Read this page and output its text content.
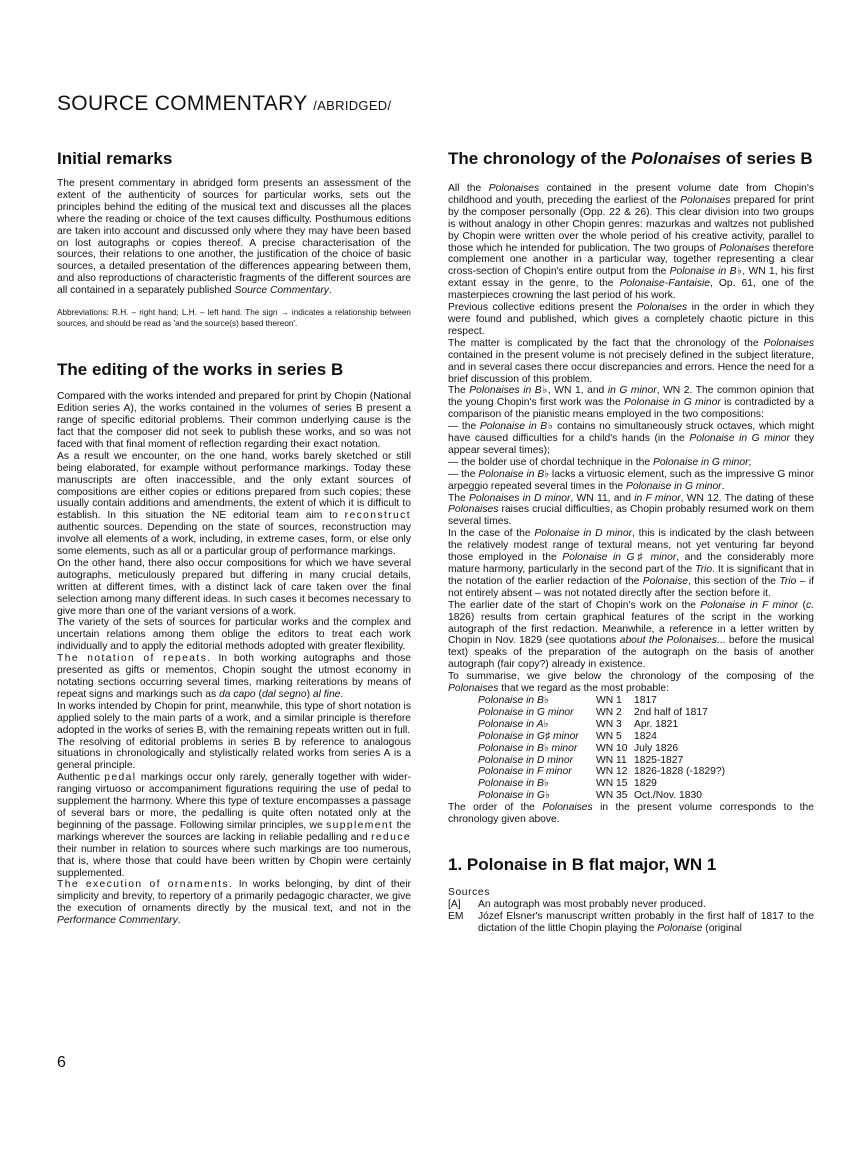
SOURCE COMMENTARY /ABRIDGED/
Initial remarks

The present commentary in abridged form presents an assessment of the extent of the authenticity of sources for particular works, sets out the principles behind the editing of the musical text and discusses all the places where the reading or choice of the text causes difficulty. Posthumous editions are taken into account and discussed only where they may have been based on lost autographs or copies thereof. A precise characterisation of the sources, their relations to one another, the justification of the choice of basic sources, a detailed presentation of the differences appearing between them, and also reproductions of characteristic fragments of the different sources are all contained in a separately published Source Commentary.

Abbreviations: R.H. – right hand; L.H. – left hand. The sign → indicates a relationship between sources, and should be read as 'and the source(s) based thereon'.

The editing of the works in series B

Compared with the works intended and prepared for print by Chopin (National Edition series A), the works contained in the volumes of series B present a range of specific editorial problems. Their common underlying cause is the fact that the composer did not seek to publish these works, and so was not faced with that final moment of reflection regarding their exact notation.

As a result we encounter, on the one hand, works barely sketched or still being elaborated, for example without performance markings. Today these manuscripts are often inaccessible, and the only extant sources of compositions are either copies or editions prepared from such copies; these usually contain additions and amendments, the extent of which it is difficult to establish. In this situation the NE editorial team aim to reconstruct authentic sources. Depending on the state of sources, reconstruction may involve all elements of a work, including, in extreme cases, form, or else only some elements, such as all or a particular group of performance markings.

On the other hand, there also occur compositions for which we have several autographs, meticulously prepared but differing in many crucial details, written at different times, with a distinct lack of care taken over the final selection among many different ideas. In such cases it becomes necessary to give more than one of the variant versions of a work.

The variety of the sets of sources for particular works and the complex and uncertain relations among them oblige the editors to treat each work individually and to apply the editorial methods adopted with greater flexibility.

The notation of repeats. In both working autographs and those presented as gifts or mementos, Chopin sought the utmost economy in notating sections occurring several times, marking reiterations by means of repeat signs and markings such as da capo (dal segno) al fine.
In works intended by Chopin for print, meanwhile, this type of short notation is applied solely to the main parts of a work, and a similar principle is therefore adopted in the works of series B, with the remaining repeats written out in full.

The resolving of editorial problems in series B by reference to analogous situations in chronologically and stylistically related works from series A is a general principle.

Authentic pedal markings occur only rarely, generally together with wider-ranging virtuoso or accompaniment figurations requiring the use of pedal to supplement the harmony. Where this type of texture encompasses a passage of several bars or more, the pedalling is quite often notated only at the beginning of the passage. Following similar principles, we supplement the markings wherever the sources are lacking in reliable pedalling and reduce their number in relation to sources where such markings are too numerous, that is, where those that could have been written by Chopin were certainly supplemented.

The execution of ornaments. In works belonging, by dint of their simplicity and brevity, to repertory of a primarily pedagogic character, we give the execution of ornaments directly by the musical text, and not in the Performance Commentary.

The chronology of the Polonaises of series B

All the Polonaises contained in the present volume date from Chopin's childhood and youth, preceding the earliest of the Polonaises prepared for print by the composer personally (Opp. 22 & 26). This clear division into two groups is without analogy in other Chopin genres: mazurkas and waltzes not published by Chopin were written over the whole period of his creative activity, parallel to those which he intended for publication. The two groups of Polonaises therefore complement one another in a particular way, together representing a clear cross-section of Chopin's entire output from the Polonaise in B♭, WN 1, his first extant essay in the genre, to the Polonaise-Fantaisie, Op. 61, one of the masterpieces crowning the last period of his work.

Previous collective editions present the Polonaises in the order in which they were found and published, which gives a completely chaotic picture in this respect.

The matter is complicated by the fact that the chronology of the Polonaises contained in the present volume is not precisely defined in the subject literature, and in several cases there occur discrepancies and errors. Hence the need for a brief discussion of this problem.

The Polonaises in B♭, WN 1, and in G minor, WN 2. The common opinion that the young Chopin's first work was the Polonaise in G minor is contradicted by a comparison of the pianistic means employed in the two compositions:

— the Polonaise in B♭ contains no simultaneously struck octaves, which might have caused difficulties for a child's hands (in the Polonaise in G minor they appear several times);

— the bolder use of chordal technique in the Polonaise in G minor;

— the Polonaise in B♭ lacks a virtuosic element, such as the impressive G minor arpeggio repeated several times in the Polonaise in G minor.

The Polonaises in D minor, WN 11, and in F minor, WN 12. The dating of these Polonaises raises crucial difficulties, as Chopin probably resumed work on them several times.

In the case of the Polonaise in D minor, this is indicated by the clash between the relatively modest range of textural means, not yet venturing far beyond those employed in the Polonaise in G♯ minor, and the considerably more mature harmony, particularly in the second part of the Trio. It is significant that in the notation of the earlier redaction of the Polonaise, this section of the Trio – if not entirely absent – was not notated directly after the section before it.

The earlier date of the start of Chopin's work on the Polonaise in F minor (c. 1826) results from certain graphical features of the script in the working autograph of the first redaction. Meanwhile, a reference in a letter written by Chopin in Nov. 1829 (see quotations about the Polonaises... before the musical text) speaks of the preparation of the autograph on the basis of another autograph (fair copy?) already in existence.

To summarise, we give below the chronology of the composing of the Polonaises that we regard as the most probable:

Polonaise in B♭	WN 1	1817
Polonaise in G minor	WN 2	2nd half of 1817
Polonaise in A♭	WN 3	Apr. 1821
Polonaise in G♯ minor	WN 5	1824
Polonaise in B♭ minor	WN 10	July 1826
Polonaise in D minor	WN 11	1825-1827
Polonaise in F minor	WN 12	1826-1828 (-1829?)
Polonaise in B♭	WN 15	1829
Polonaise in G♭	WN 35	Oct./Nov. 1830

The order of the Polonaises in the present volume corresponds to the chronology given above.

1. Polonaise in B flat major, WN 1

Sources

[A]	An autograph was most probably never produced.
EM	Józef Elsner's manuscript written probably in the first half of 1817 to the dictation of the little Chopin playing the Polonaise (original
6
